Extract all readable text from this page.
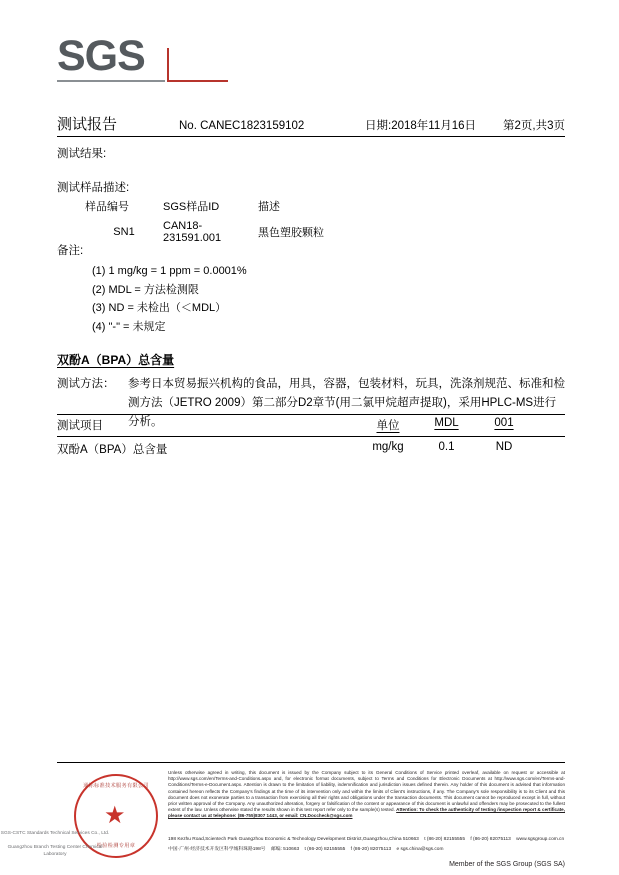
SGS
测试报告	No. CANEC1823159102	日期:2018年11月16日	第2页,共3页
测试结果:
测试样品描述:
样品编号	SGS样品ID	描述
SN1	CAN18-231591.001	黑色塑胶颗粒
备注:
(1) 1 mg/kg = 1 ppm = 0.0001%
(2) MDL = 方法检测限
(3) ND = 未检出（＜MDL）
(4) "-" = 未规定
双酚A（BPA）总含量
测试方法： 参考日本贸易振兴机构的食品，用具，容器，包装材料，玩具，洗涤剂规范、标准和检测方法（JETRO 2009）第二部分D2章节(用二氯甲烷超声提取)，采用HPLC-MS进行分析。
测试项目	单位	MDL	001
双酚A（BPA）总含量	mg/kg	0.1	ND
通标标准技术服务有限公司
★
检验检测专用章
SGS-CSTC Standards Technical Services Co., Ltd.
Guangzhou Branch Testing Center Chemical Laboratory
Unless otherwise agreed in writing, this document is issued by the Company subject to its General Conditions of Service printed overleaf, available on request or accessible at http://www.sgs.com/en/Terms-and-Conditions.aspx and, for electronic format documents, subject to Terms and Conditions for Electronic Documents at http://www.sgs.com/en/Terms-and-Conditions/Terms-e-Document.aspx. Attention is drawn to the limitation of liability, indemnification and jurisdiction issues defined therein. Any holder of this document is advised that information contained hereon reflects the Company's findings at the time of its intervention only and within the limits of Client's instructions, if any. The Company's sole responsibility is to its Client and this document does not exonerate parties to a transaction from exercising all their rights and obligations under the transaction documents. This document cannot be reproduced except in full, without prior written approval of the Company. Any unauthorized alteration, forgery or falsification of the content or appearance of this document is unlawful and offenders may be prosecuted to the fullest extent of the law. Unless otherwise stated the results shown in this test report refer only to the sample(s) tested. Attention: To check the authenticity of testing /inspection report & certificate, please contact us at telephone: (86-755)8307 1443, or email: CN.Doccheck@sgs.com
198 Kezhu Road,Scientech Park Guangzhou Economic & Technology Development District,Guangzhou,China 510663 t (86-20) 82155555 f (86-20) 82075113 www.sgsgroup.com.cn
中国·广州·经济技术开发区科学城科珠路198号 邮编: 510663 t (86-20) 82155555 f (86-20) 82075113 e sgs.china@sgs.com
Member of the SGS Group (SGS SA)
